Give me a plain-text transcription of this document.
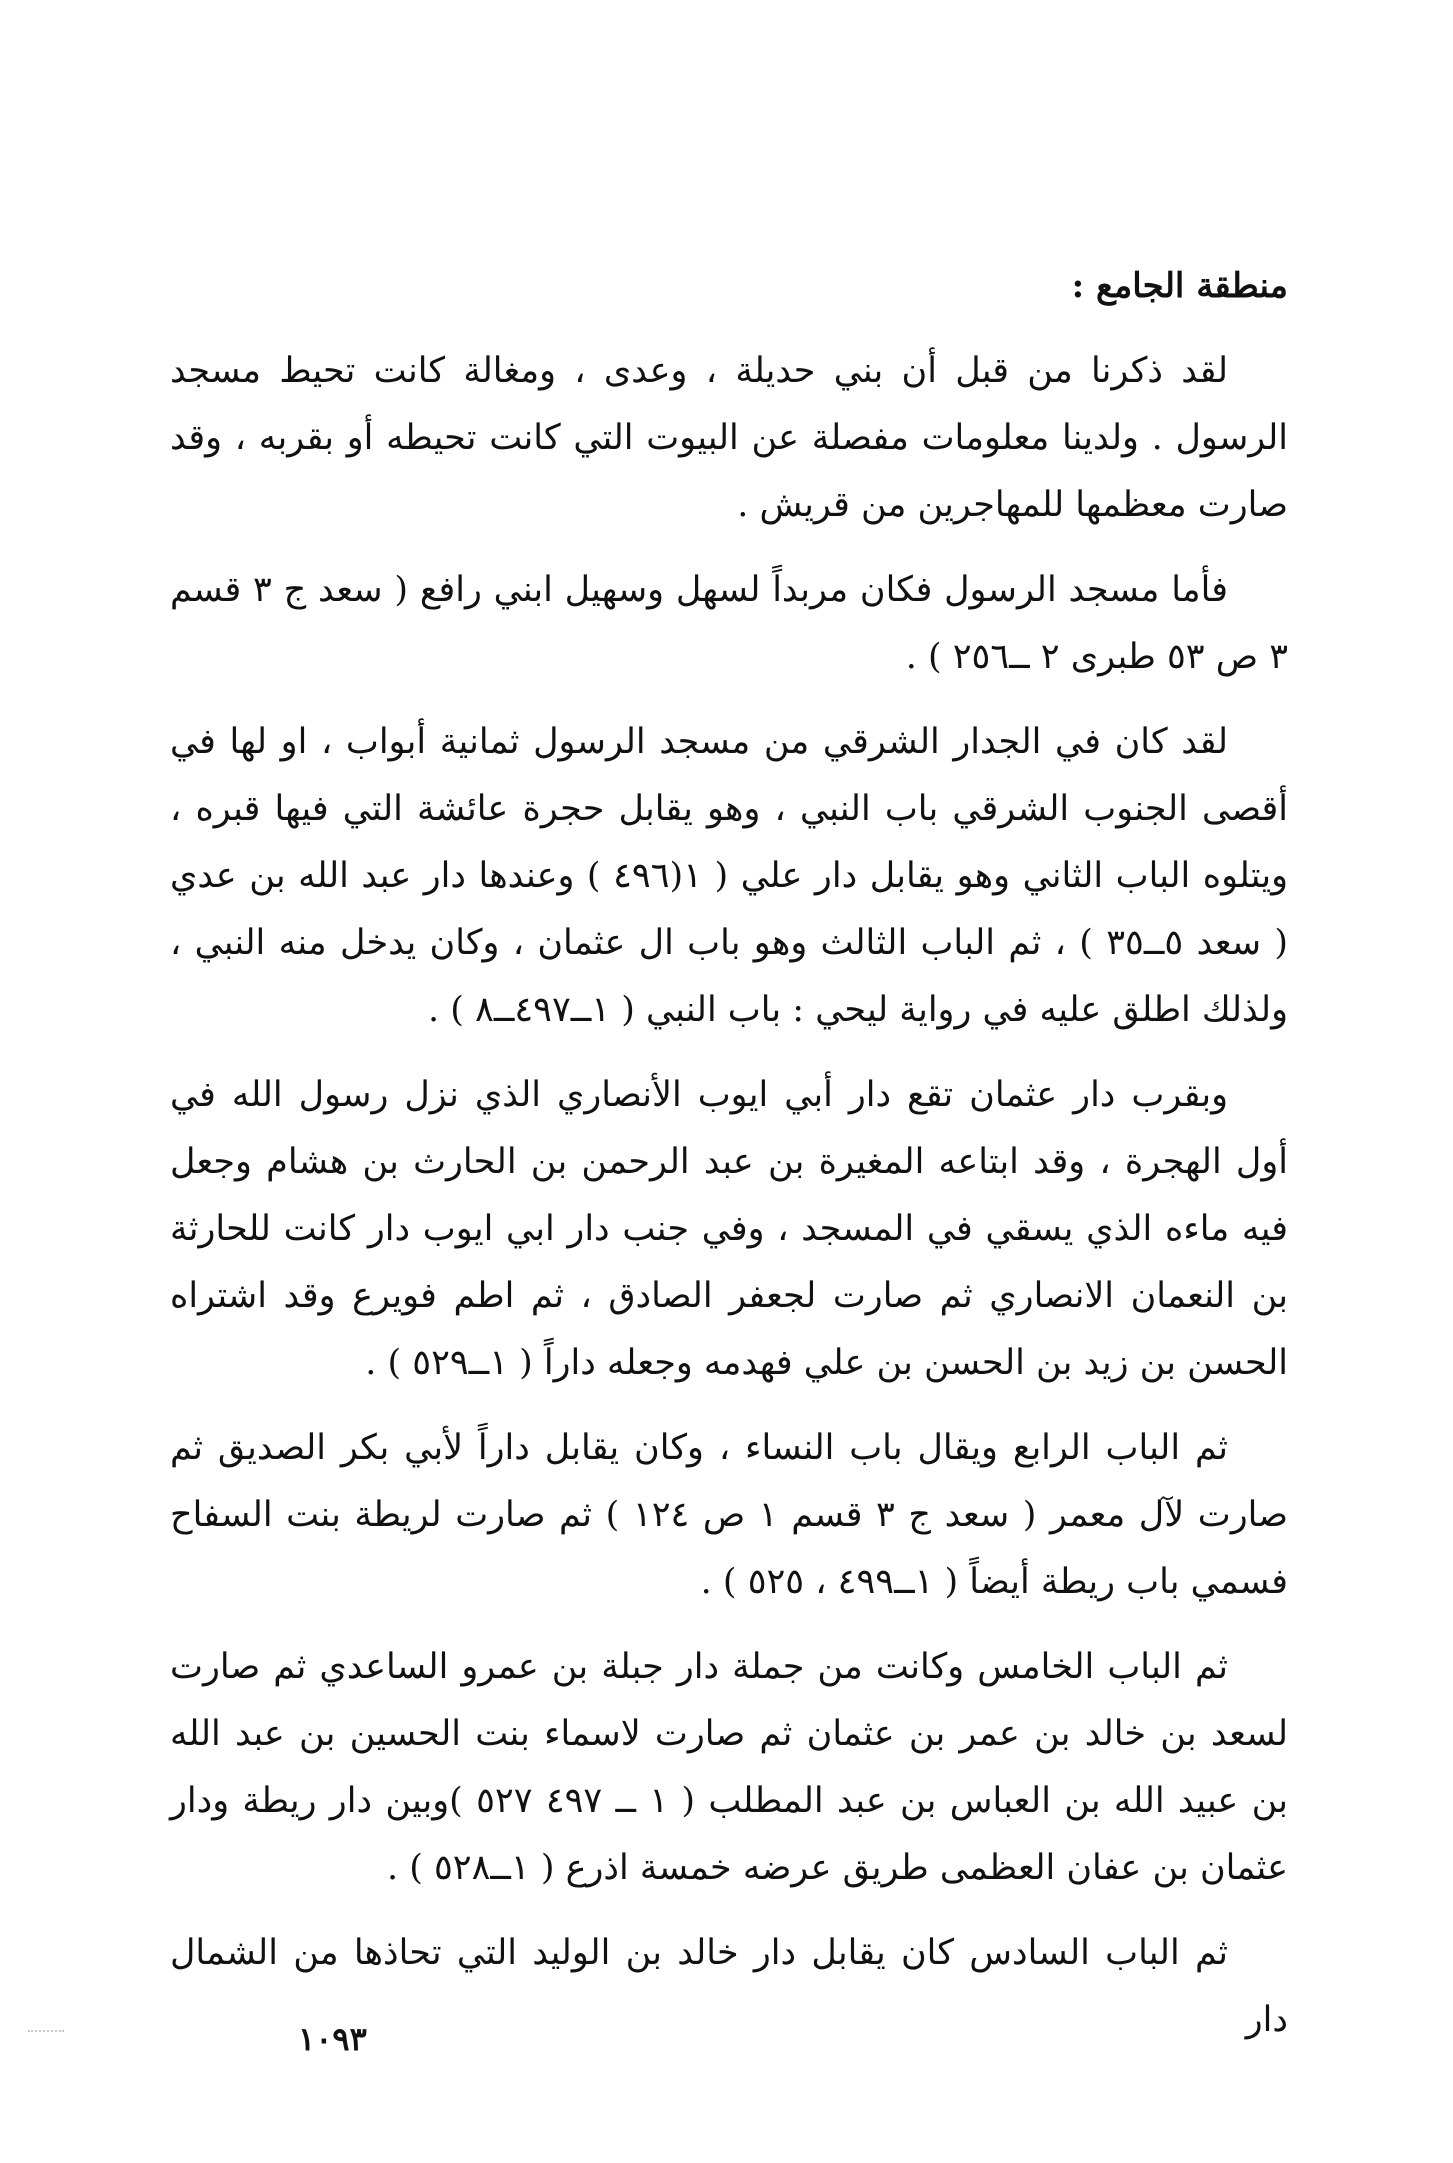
منطقة الجامع :

لقد ذكرنا من قبل أن بني حديلة ، وعدى ، ومغالة كانت تحيط مسجد الرسول . ولدينا معلومات مفصلة عن البيوت التي كانت تحيطه أو بقربه ، وقد صارت معظمها للمهاجرين من قريش .

فأما مسجد الرسول فكان مربداً لسهل وسهيل ابني رافع ( سعد ج ٣ قسم ٣ ص ٥٣ طبرى ٢ ــ٢٥٦ ) .

لقد كان في الجدار الشرقي من مسجد الرسول ثمانية أبواب ، او لها في أقصى الجنوب الشرقي باب النبي ، وهو يقابل حجرة عائشة التي فيها قبره ، ويتلوه الباب الثاني وهو يقابل دار علي ( ١(٤٩٦ ) وعندها دار عبد الله بن عدي ( سعد ٥ــ٣٥ ) ، ثم الباب الثالث وهو باب ال عثمان ، وكان يدخل منه النبي ، ولذلك اطلق عليه في رواية ليحي : باب النبي ( ١ــ٤٩٧ــ٨ ) .

وبقرب دار عثمان تقع دار أبي ايوب الأنصاري الذي نزل رسول الله في أول الهجرة ، وقد ابتاعه المغيرة بن عبد الرحمن بن الحارث بن هشام وجعل فيه ماءه الذي يسقي في المسجد ، وفي جنب دار ابي ايوب دار كانت للحارثة بن النعمان الانصاري ثم صارت لجعفر الصادق ، ثم اطم فويرع وقد اشتراه الحسن بن زيد بن الحسن بن علي فهدمه وجعله داراً ( ١ــ٥٢٩ ) .

ثم الباب الرابع ويقال باب النساء ، وكان يقابل داراً لأبي بكر الصديق ثم صارت لآل معمر ( سعد ج ٣ قسم ١ ص ١٢٤ ) ثم صارت لريطة بنت السفاح فسمي باب ريطة أيضاً ( ١ــ٤٩٩ ، ٥٢٥ ) .

ثم الباب الخامس وكانت من جملة دار جبلة بن عمرو الساعدي ثم صارت لسعد بن خالد بن عمر بن عثمان ثم صارت لاسماء بنت الحسين بن عبد الله بن عبيد الله بن العباس بن عبد المطلب ( ١ ــ ٤٩٧ ٥٢٧ )وبين دار ريطة ودار عثمان بن عفان العظمى طريق عرضه خمسة اذرع ( ١ــ٥٢٨ ) .

ثم الباب السادس كان يقابل دار خالد بن الوليد التي تحاذها من الشمال دار

١٠٩٣
